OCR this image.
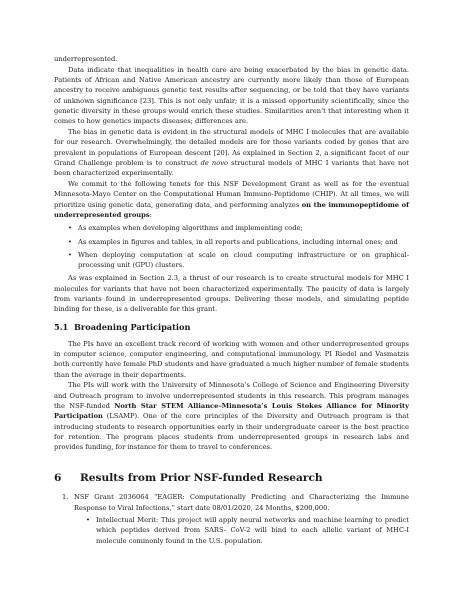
underrepresented.

Data indicate that inequalities in health care are being exacerbated by the bias in genetic data. Patients of African and Native American ancestry are currently more likely than those of European ancestry to receive ambiguous genetic test results after sequencing, or be told that they have variants of unknown significance [23]. This is not only unfair; it is a missed opportunity scientifically, since the genetic diversity in these groups would enrich these studies. Similarities aren’t that interesting when it comes to how genetics impacts diseases; differences are.

The bias in genetic data is evident in the structural models of MHC I molecules that are available for our research. Overwhelmingly, the detailed models are for those variants coded by genes that are prevalent in populations of European descent [20]. As explained in Section 2, a significant facet of our Grand Challenge problem is to construct de novo structural models of MHC I variants that have not been characterized experimentally.

We commit to the following tenets for this NSF Development Grant as well as for the eventual Minnesota-Mayo Center on the Computational Human Immuno-Peptidome (CHIP). At all times, we will prioritize using genetic data, generating data, and performing analyzes on the immunopeptidome of underrepresented groups:

• As examples when developing algorithms and implementing code;
• As examples in figures and tables, in all reports and publications, including internal ones; and
• When deploying computation at scale on cloud computing infrastructure or on graphical-processing unit (GPU) clusters.

As was explained in Section 2.3, a thrust of our research is to create structural models for MHC I molecules for variants that have not been characterized experimentally. The paucity of data is largely from variants found in underrepresented groups. Delivering these models, and simulating peptide binding for these, is a deliverable for this grant.

5.1 Broadening Participation

The PIs have an excellent track record of working with women and other underrepresented groups in computer science, computer engineering, and computational immunology. PI Riedel and Vasmatzis both currently have female PhD students and have graduated a much higher number of female students than the average in their departments.

The PIs will work with the University of Minnesota’s College of Science and Engineering Diversity and Outreach program to involve underrepresented students in this research. This program manages the NSF-funded North Star STEM Alliance–Minnesota’s Louis Stokes Alliance for Minority Participation (LSAMP). One of the core principles of the Diversity and Outreach program is that introducing students to research opportunities early in their undergraduate career is the best practice for retention. The program places students from underrepresented groups in research labs and provides funding, for instance for them to travel to conferences.

6 Results from Prior NSF-funded Research
1. NSF Grant 2036064 “EAGER: Computationally Predicting and Characterizing the Immune Response to Viral Infections,” start date 08/01/2020, 24 Months, $200,000.
• Intellectual Merit: This project will apply neural networks and machine learning to predict which peptides derived from SARS- CoV-2 will bind to each allelic variant of MHC-I molecule commonly found in the U.S. population.
